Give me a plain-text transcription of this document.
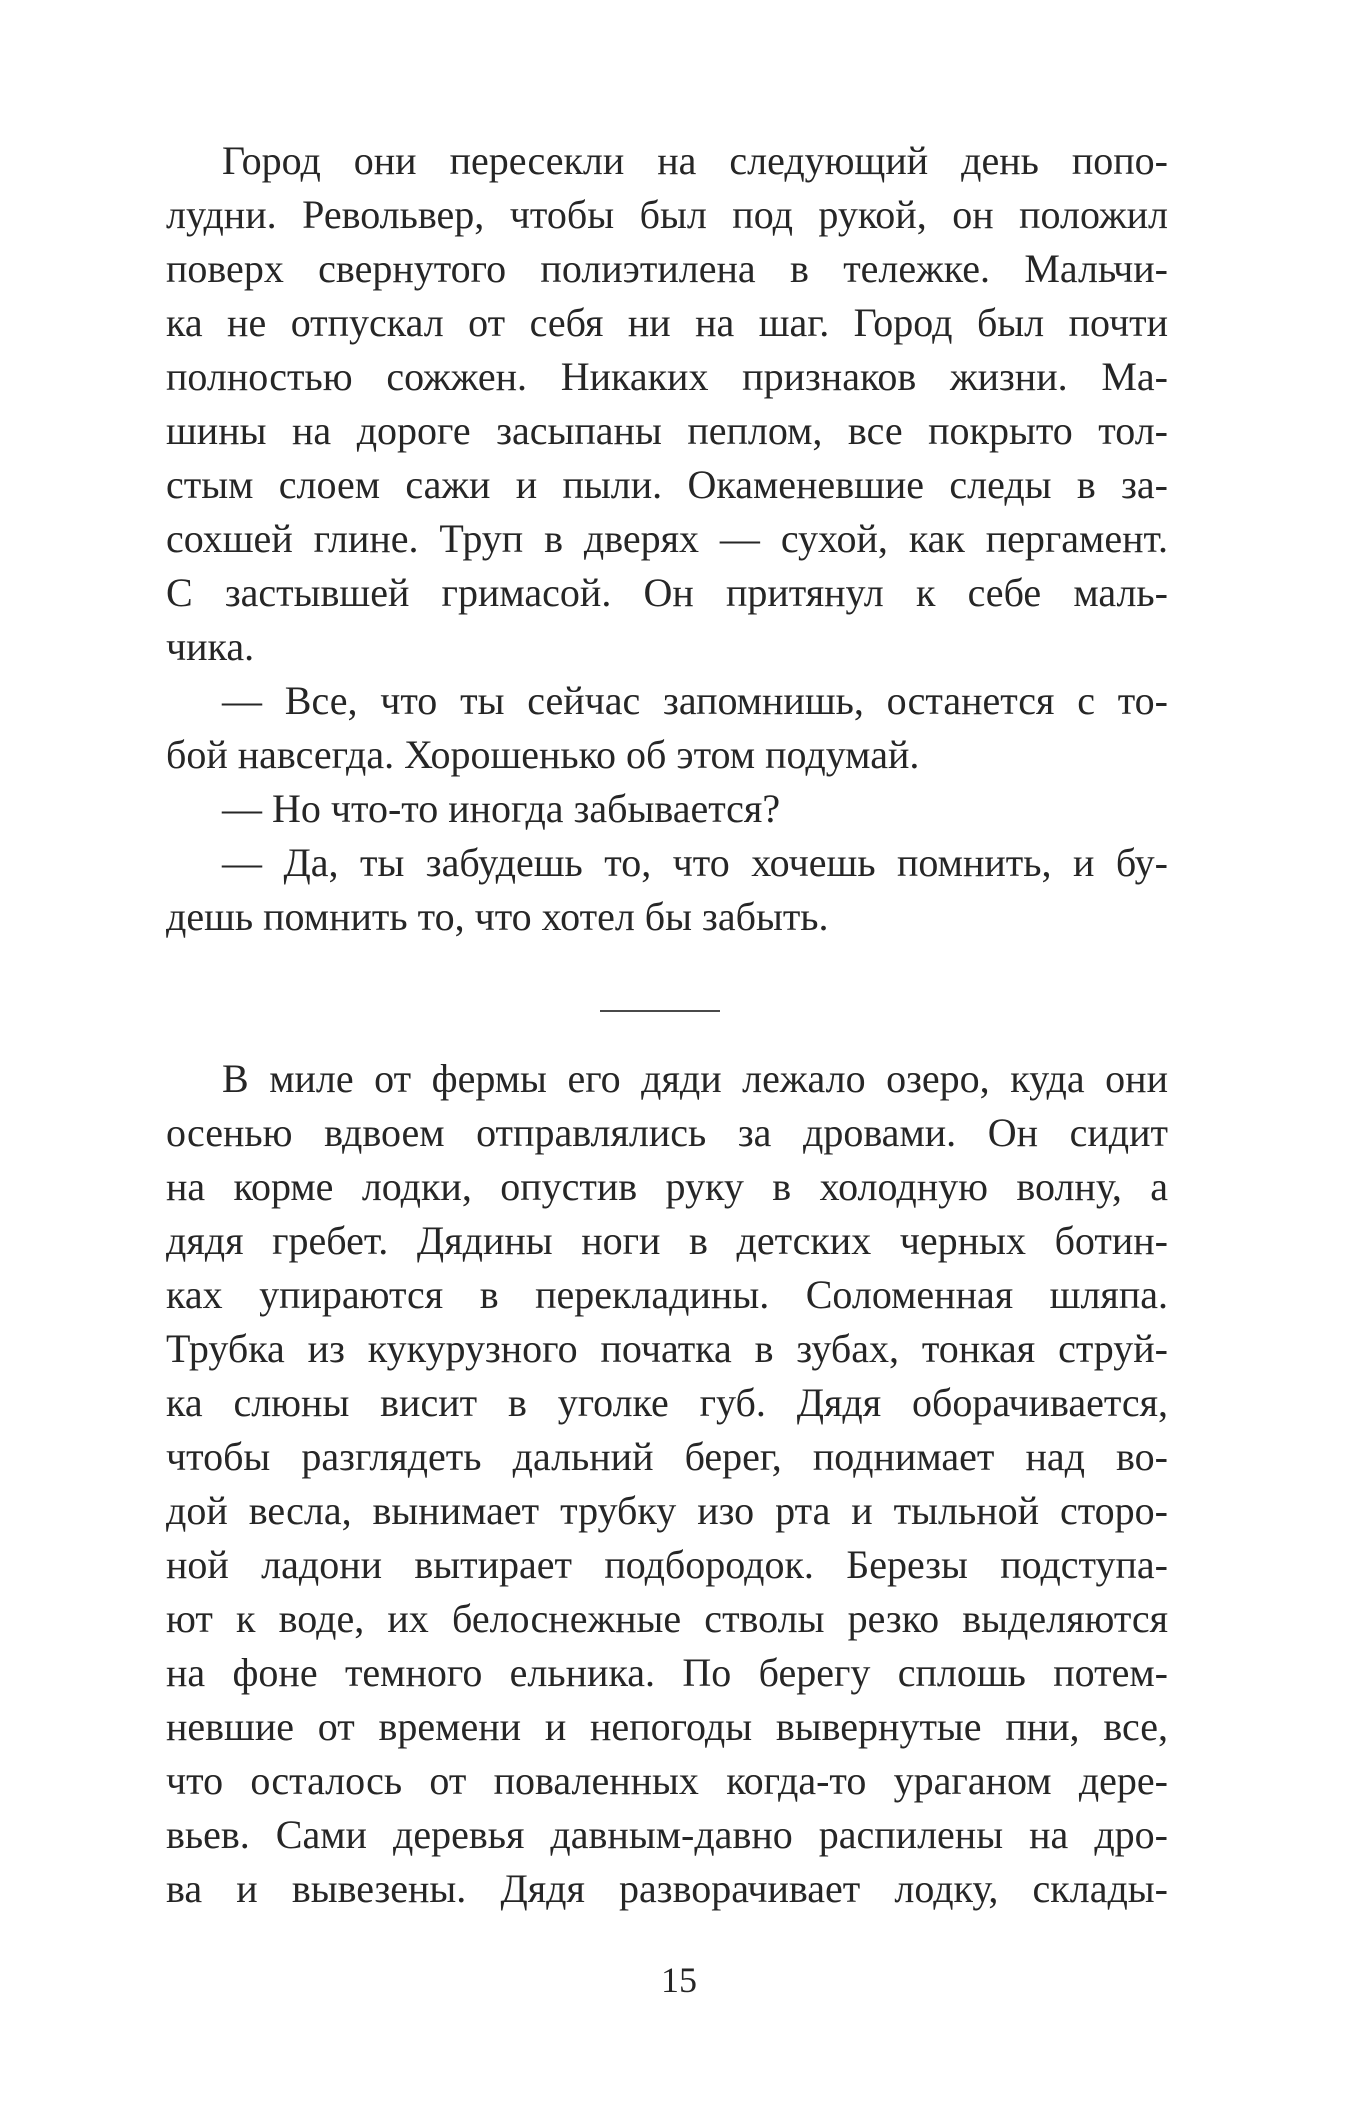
Город они пересекли на следующий день попо-
лудни. Револьвер, чтобы был под рукой, он положил
поверх свернутого полиэтилена в тележке. Мальчи-
ка не отпускал от себя ни на шаг. Город был почти
полностью сожжен. Никаких признаков жизни. Ма-
шины на дороге засыпаны пеплом, все покрыто тол-
стым слоем сажи и пыли. Окаменевшие следы в за-
сохшей глине. Труп в дверях — сухой, как пергамент.
С застывшей гримасой. Он притянул к себе маль-
чика.
— Все, что ты сейчас запомнишь, останется с то-
бой навсегда. Хорошенько об этом подумай.
— Но что-то иногда забывается?
— Да, ты забудешь то, что хочешь помнить, и бу-
дешь помнить то, что хотел бы забыть.
В миле от фермы его дяди лежало озеро, куда они
осенью вдвоем отправлялись за дровами. Он сидит
на корме лодки, опустив руку в холодную волну, а
дядя гребет. Дядины ноги в детских черных ботин-
ках упираются в перекладины. Соломенная шляпа.
Трубка из кукурузного початка в зубах, тонкая струй-
ка слюны висит в уголке губ. Дядя оборачивается,
чтобы разглядеть дальний берег, поднимает над во-
дой весла, вынимает трубку изо рта и тыльной сторо-
ной ладони вытирает подбородок. Березы подступа-
ют к воде, их белоснежные стволы резко выделяются
на фоне темного ельника. По берегу сплошь потем-
невшие от времени и непогоды вывернутые пни, все,
что осталось от поваленных когда-то ураганом дере-
вьев. Сами деревья давным-давно распилены на дро-
ва и вывезены. Дядя разворачивает лодку, склады-
15
